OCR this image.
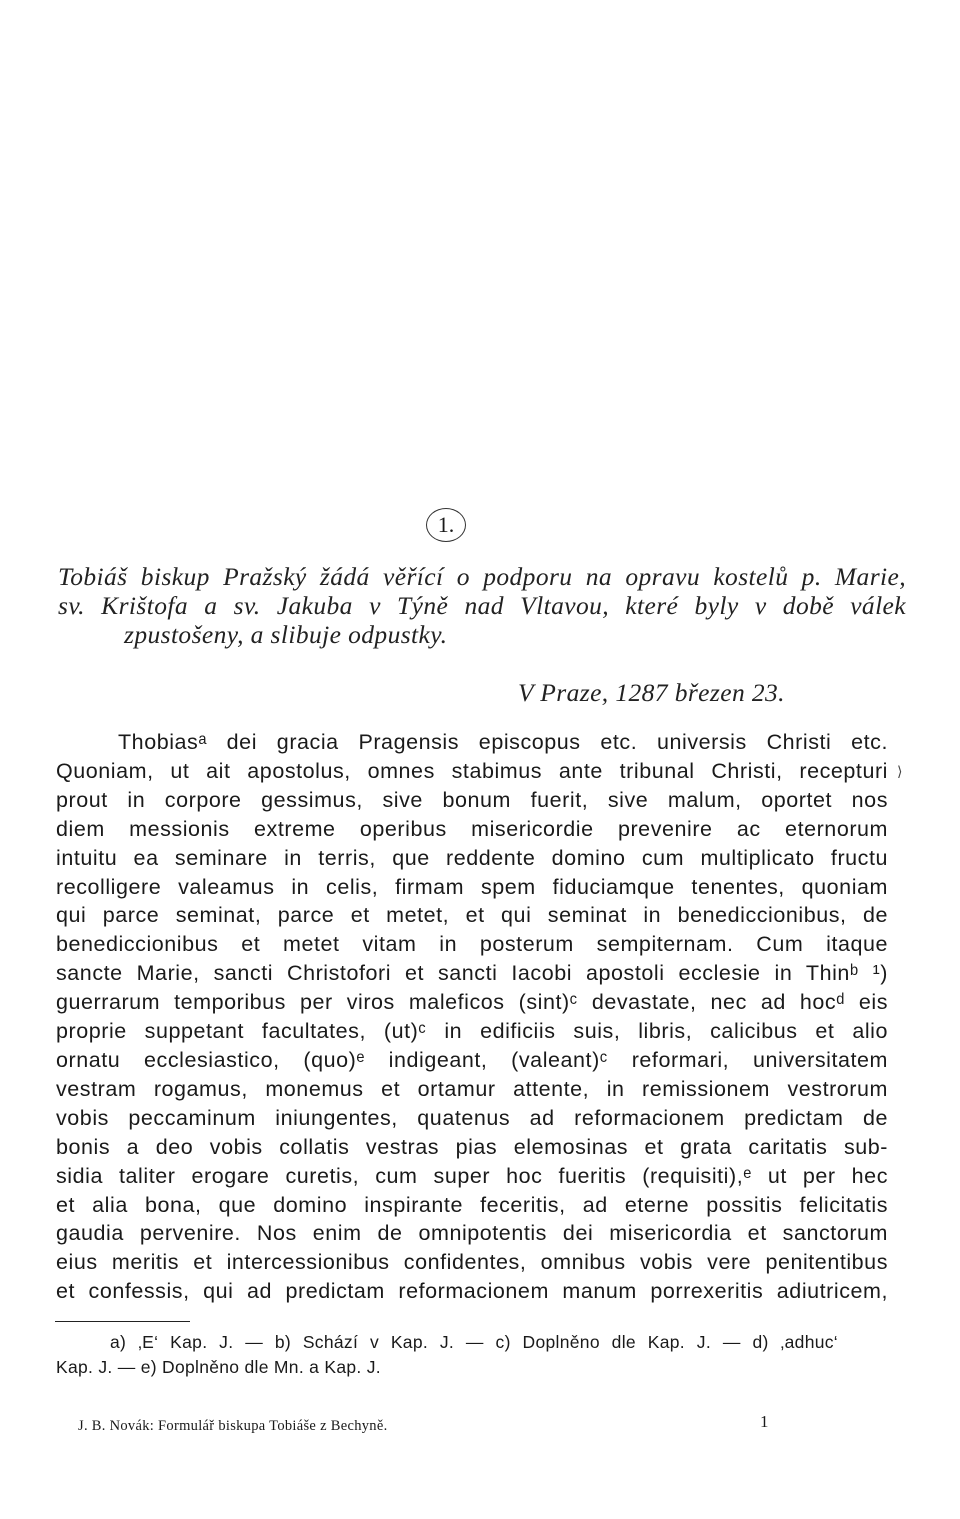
1.
Tobiáš biskup Pražský žádá věřící o podporu na opravu kostelů p. Marie,
sv. Krištofa a sv. Jakuba v Týně nad Vltavou, které byly v době válek
zpustošeny, a slibuje odpustky.
V Praze, 1287 březen 23.
⟩
Thobiasᵃ dei gracia Pragensis episcopus etc. universis Christi etc.
Quoniam, ut ait apostolus, omnes stabimus ante tribunal Christi, recepturi
prout in corpore gessimus, sive bonum fuerit, sive malum, oportet nos
diem messionis extreme operibus misericordie prevenire ac eternorum
intuitu ea seminare in terris, que reddente domino cum multiplicato fructu
recolligere valeamus in celis, firmam spem fiduciamque tenentes, quoniam
qui parce seminat, parce et metet, et qui seminat in benediccionibus, de
benediccionibus et metet vitam in posterum sempiternam. Cum itaque
sancte Marie, sancti Christofori et sancti Iacobi apostoli ecclesie in Thinᵇ ¹)
guerrarum temporibus per viros maleficos (sint)ᶜ devastate, nec ad hocᵈ eis
proprie suppetant facultates, (ut)ᶜ in edificiis suis, libris, calicibus et alio
ornatu ecclesiastico, (quo)ᵉ indigeant, (valeant)ᶜ reformari, universitatem
vestram rogamus, monemus et ortamur attente, in remissionem vestrorum
vobis peccaminum iniungentes, quatenus ad reformacionem predictam de
bonis a deo vobis collatis vestras pias elemosinas et grata caritatis sub-
sidia taliter erogare curetis, cum super hoc fueritis (requisiti),ᵉ ut per hec
et alia bona, que domino inspirante feceritis, ad eterne possitis felicitatis
gaudia pervenire. Nos enim de omnipotentis dei misericordia et sanctorum
eius meritis et intercessionibus confidentes, omnibus vobis vere penitentibus
et confessis, qui ad predictam reformacionem manum porrexeritis adiutricem,
a) ‚E‘ Kap. J. — b) Schází v Kap. J. — c) Doplněno dle Kap. J. — d) ‚adhuc‘
Kap. J. — e) Doplněno dle Mn. a Kap. J.
J. B. Novák: Formulář biskupa Tobiáše z Bechyně.	1
